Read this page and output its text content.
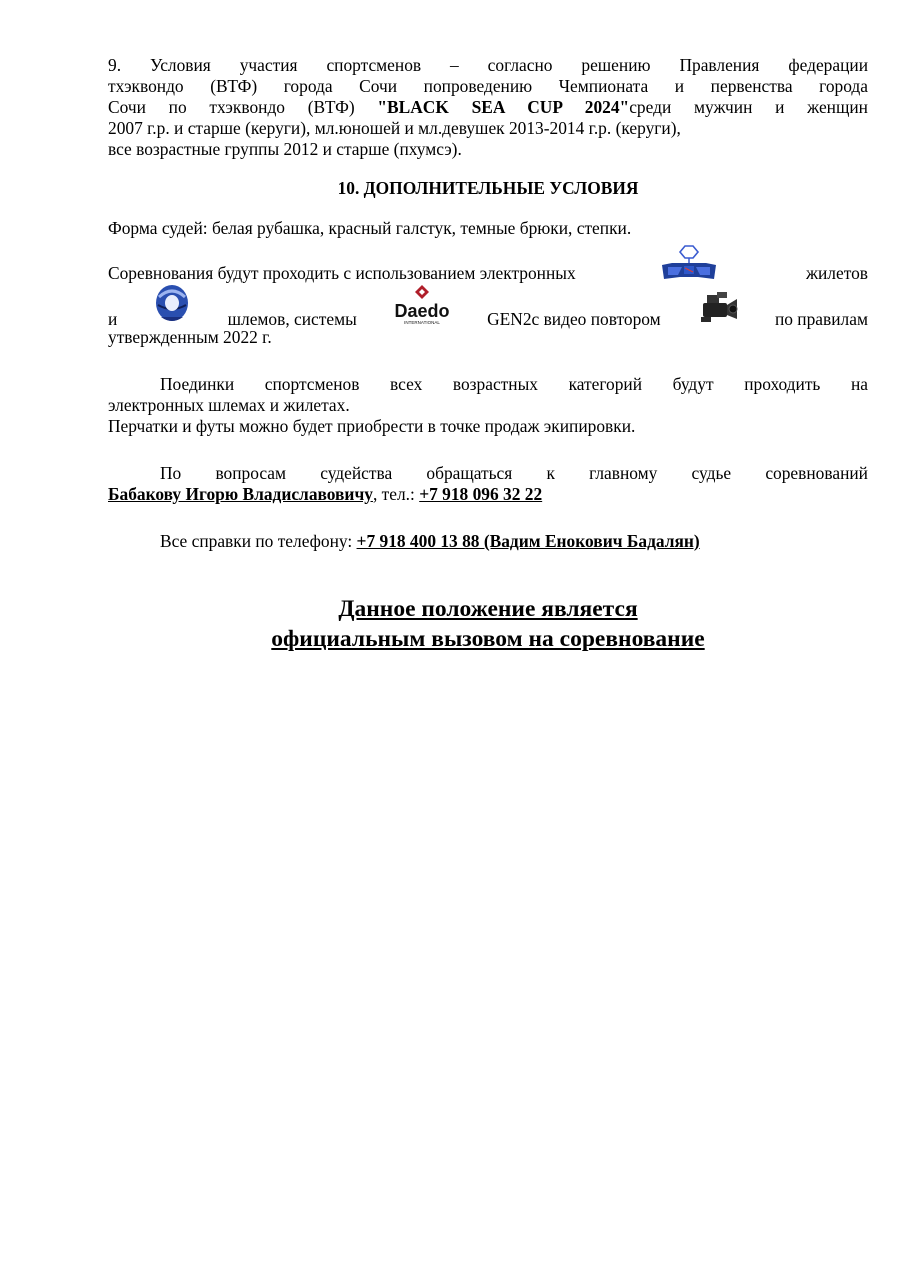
9. Условия участия спортсменов – согласно решению Правления федерации
тхэквондо (ВТФ) города Сочи попроведению Чемпионата и первенства города
Сочи по тхэквондо (ВТФ) "BLACK SEA CUP 2024"среди мужчин и женщин
2007 г.р. и старше (керуги), мл.юношей и мл.девушек 2013-2014 г.р. (керуги),
все возрастные группы 2012 и старше (пхумсэ).
10. ДОПОЛНИТЕЛЬНЫЕ УСЛОВИЯ

Форма судей: белая рубашка, красный галстук, темные брюки, степки.

Соревнования будут проходить с использованием электронных	жилетов
и	шлемов, системы Daedo
INTERNATIONAL	GEN2c видео повтором	по правилам

утвержденным 2022 г.

Поединки спортсменов всех возрастных категорий будут проходить на
электронных шлемах и жилетах.

Перчатки и футы можно будет приобрести в точке продаж экипировки.

По вопросам судейства обращаться к главному судье соревнований
Бабакову Игорю Владиславовичу, тел.: +7 918 096 32 22

Все справки по телефону: +7 918 400 13 88 (Вадим Енокович Бадалян)

Данное положение является
официальным вызовом на соревнование
